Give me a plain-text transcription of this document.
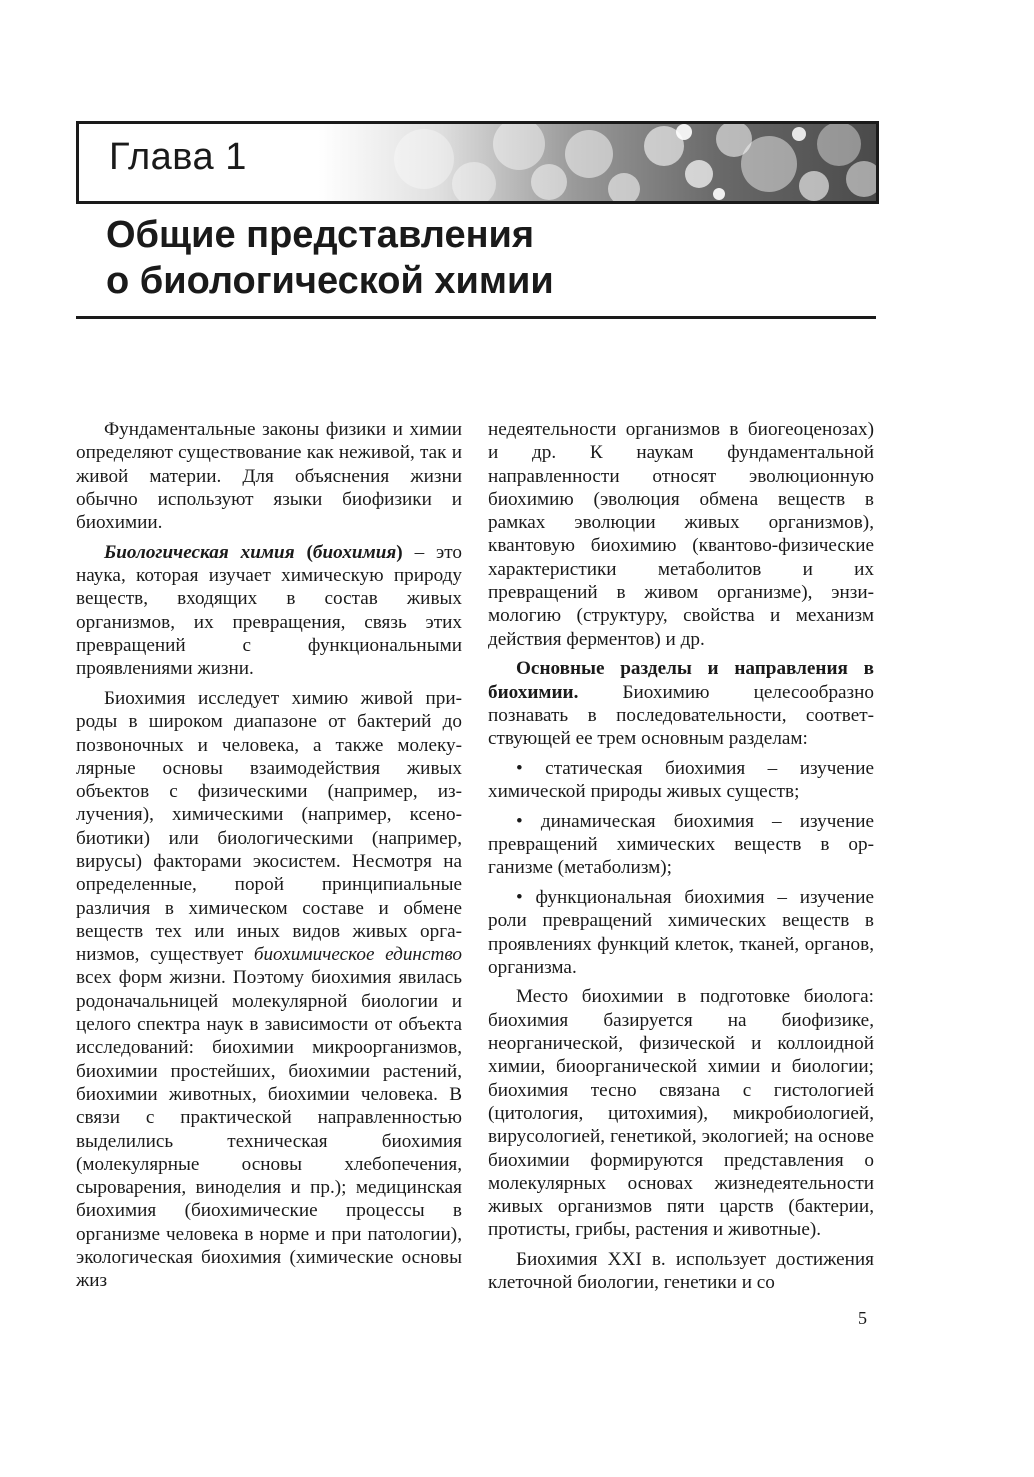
Глава 1
Общие представления
о биологической химии

Фундаментальные законы физики и химии определяют существование как неживой, так и живой материи. Для объяснения жизни обычно используют языки биофизики и биохимии.

Биологическая химия (биохимия) – это наука, которая изучает химическую природу веществ, входящих в состав живых организмов, их превращения, связь этих превращений с функциональными проявлениями жизни.

Биохимия исследует химию живой природы в широком диапазоне от бактерий до позвоночных и человека, а также молекулярные основы взаимодействия живых объектов с физическими (например, излучения), химическими (например, ксенобиотики) или биологическими (например, вирусы) факторами экосистем. Несмотря на определенные, порой принципиальные различия в химическом составе и обмене веществ тех или иных видов живых организмов, существует биохимическое единство всех форм жизни. Поэтому биохимия явилась родоначальницей молекулярной биологии и целого спектра наук в зависимости от объекта исследований: биохимии микроорганизмов, биохимии простейших, биохимии растений, биохимии животных, биохимии человека. В связи с практической направленностью выделились техническая биохимия (молекулярные основы хлебопечения, сыроварения, виноделия и пр.); медицинская биохимия (биохимические процессы в организме человека в норме и при патологии), экологическая биохимия (химические основы жиз

недеятельности организмов в биогеоценозах) и др. К наукам фундаментальной направленности относят эволюционную биохимию (эволюция обмена веществ в рамках эволюции живых организмов), квантовую биохимию (квантово-физические характеристики метаболитов и их превращений в живом организме), энзимологию (структуру, свойства и механизм действия ферментов) и др.

Основные разделы и направления в биохимии. Биохимию целесообразно познавать в последовательности, соответствующей ее трем основным разделам:

• статическая биохимия – изучение химической природы живых существ;

• динамическая биохимия – изучение превращений химических веществ в организме (метаболизм);

• функциональная биохимия – изучение роли превращений химических веществ в проявлениях функций клеток, тканей, органов, организма.

Место биохимии в подготовке биолога: биохимия базируется на биофизике, неорганической, физической и коллоидной химии, биоорганической химии и биологии; биохимия тесно связана с гистологией (цитология, цитохимия), микробиологией, вирусологией, генетикой, экологией; на основе биохимии формируются представления о молекулярных основах жизнедеятельности живых организмов пяти царств (бактерии, протисты, грибы, растения и животные).

Биохимия XXI в. использует достижения клеточной биологии, генетики и со

5
